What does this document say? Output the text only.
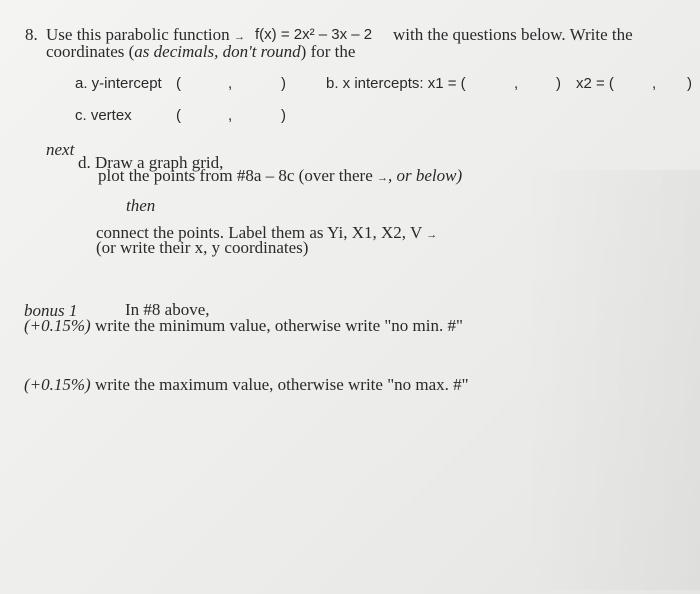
8. Use this parabolic function → f(x) = 2x² – 3x – 2 with the questions below. Write the
coordinates (as decimals, don't round) for the
a. y-intercept (	,	)	b. x intercepts: x1 = (	,	) x2 = (	, )
c. vertex	(	,	)
next
d. Draw a graph grid,
plot the points from #8a – 8c (over there →, or below)
then
connect the points. Label them as Yi, X1, X2, V →
(or write their x, y coordinates)
bonus 1	In #8 above,
(+0.15%) write the minimum value, otherwise write "no min. #"
(+0.15%) write the maximum value, otherwise write "no max. #"
